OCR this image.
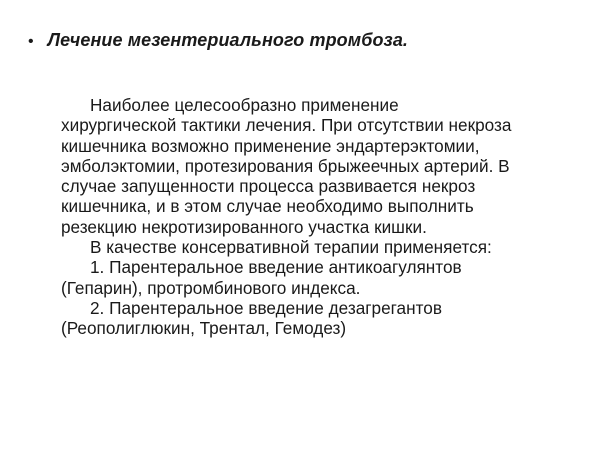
• Лечение мезентериального тромбоза.
Наиболее целесообразно применение
хирургической тактики лечения. При отсутствии некроза
кишечника возможно применение эндартерэктомии,
эмболэктомии, протезирования брыжеечных артерий. В
случае запущенности процесса развивается некроз
кишечника, и в этом случае необходимо выполнить
резекцию некротизированного участка кишки.
В качестве консервативной терапии применяется:
1. Парентеральное введение антикоагулянтов
(Гепарин), протромбинового индекса.
2. Парентеральное введение дезагрегантов
(Реополиглюкин, Трентал, Гемодез)
